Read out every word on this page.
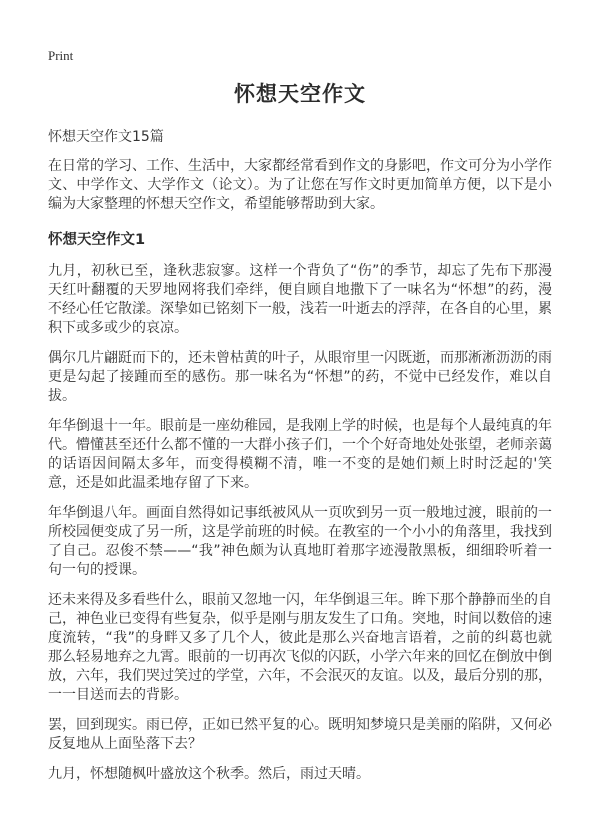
Print
怀想天空作文
怀想天空作文15篇

在日常的学习、工作、生活中，大家都经常看到作文的身影吧，作文可分为小学作文、中学作文、大学作文（论文）。为了让您在写作文时更加简单方便，以下是小编为大家整理的怀想天空作文，希望能够帮助到大家。

怀想天空作文1

九月，初秋已至，逢秋悲寂寥。这样一个背负了“伤”的季节，却忘了先布下那漫天红叶翻覆的天罗地网将我们牵绊，便自顾自地撒下了一味名为“怀想”的药，漫不经心任它散漾。深挚如已铭刻下一般，浅若一叶逝去的浮萍，在各自的心里，累积下或多或少的哀凉。

偶尔几片翩跹而下的，还未曾枯黄的叶子，从眼帘里一闪既逝，而那淅淅沥沥的雨更是勾起了接踵而至的感伤。那一味名为“怀想”的药，不觉中已经发作，难以自拔。

年华倒退十一年。眼前是一座幼稚园，是我刚上学的时候，也是每个人最纯真的年代。懵懂甚至还什么都不懂的一大群小孩子们，一个个好奇地处处张望，老师亲蔼的话语因间隔太多年，而变得模糊不清，唯一不变的是她们颊上时时泛起的'笑意，还是如此温柔地存留了下来。

年华倒退八年。画面自然得如记事纸被风从一页吹到另一页一般地过渡，眼前的一所校园便变成了另一所，这是学前班的时候。在教室的一个小小的角落里，我找到了自己。忍俊不禁——“我”神色颇为认真地盯着那字迹漫散黑板，细细聆听着一句一句的授课。

还未来得及多看些什么，眼前又忽地一闪，年华倒退三年。眸下那个静静而坐的自己，神色业已变得有些复杂，似乎是刚与朋友发生了口角。突地，时间以数倍的速度流转，“我”的身畔又多了几个人，彼此是那么兴奋地言语着，之前的纠葛也就那么轻易地弃之九霄。眼前的一切再次飞似的闪跃，小学六年来的回忆在倒放中倒放，六年，我们哭过笑过的学堂，六年，不会泯灭的友谊。以及，最后分别的那，一一目送而去的背影。

罢，回到现实。雨已停，正如已然平复的心。既明知梦境只是美丽的陷阱，又何必反复地从上面坠落下去？

九月，怀想随枫叶盛放这个秋季。然后，雨过天晴。
